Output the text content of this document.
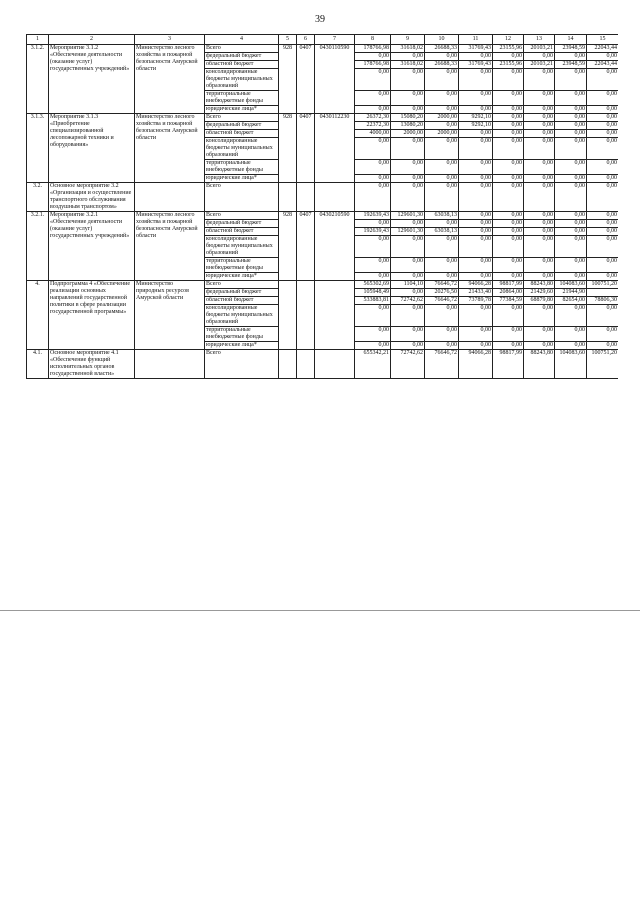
39
1	2	3	4	5	6	7	8	9	10	11	12	13	14	15
3.1.2.	Мероприятие 3.1.2 «Обеспечение деятельности (оказание услуг) государственных учреждений»	Министерство лесного хозяйства и пожарной безопасности Амурской области	Всего	928	0407	0430110590	178766,98	31618,02	26688,33	31769,43	23155,96	20103,21	23948,59	22043,44
			федеральный бюджет				0,00	0,00	0,00	0,00	0,00	0,00	0,00	0,00
			областной бюджет				178766,98	31618,02	26688,33	31769,43	23155,96	20103,21	23948,59	22043,44
			консолидированные бюджеты муниципальных образований				0,00	0,00	0,00	0,00	0,00	0,00	0,00	0,00
			территориальные внебюджетные фонды				0,00	0,00	0,00	0,00	0,00	0,00	0,00	0,00
			юридические лица*				0,00	0,00	0,00	0,00	0,00	0,00	0,00	0,00
3.1.3.	Мероприятие 3.1.3 «Приобретение специализированной лесопожарной техники и оборудования»	Министерство лесного хозяйства и пожарной безопасности Амурской области	Всего	928	0407	0430112230	26372,30	15080,20	2000,00	9292,10	0,00	0,00	0,00	0,00
			федеральный бюджет				22372,30	13080,20	0,00	9292,10	0,00	0,00	0,00	0,00
			областной бюджет				4000,00	2000,00	2000,00	0,00	0,00	0,00	0,00	0,00
			консолидированные бюджеты муниципальных образований				0,00	0,00	0,00	0,00	0,00	0,00	0,00	0,00
			территориальные внебюджетные фонды				0,00	0,00	0,00	0,00	0,00	0,00	0,00	0,00
			юридические лица*				0,00	0,00	0,00	0,00	0,00	0,00	0,00	0,00
3.2.	Основное мероприятие 3.2 «Организация и осуществление транспортного обслуживания воздушным транспортом»		Всего				0,00	0,00	0,00	0,00	0,00	0,00	0,00	0,00
3.2.1.	Мероприятие 3.2.1 «Обеспечение деятельности (оказание услуг) государственных учреждений»	Министерство лесного хозяйства и пожарной безопасности Амурской области	Всего	928	0407	0430210590	192639,43	129601,30	63038,13	0,00	0,00	0,00	0,00	0,00
			федеральный бюджет				0,00	0,00	0,00	0,00	0,00	0,00	0,00	0,00
			областной бюджет				192639,43	129601,30	63038,13	0,00	0,00	0,00	0,00	0,00
			консолидированные бюджеты муниципальных образований				0,00	0,00	0,00	0,00	0,00	0,00	0,00	0,00
			территориальные внебюджетные фонды				0,00	0,00	0,00	0,00	0,00	0,00	0,00	0,00
			юридические лица*				0,00	0,00	0,00	0,00	0,00	0,00	0,00	0,00
4.	Подпрограмма 4 «Обеспечение реализации основных направлений государственной политики в сфере реализации государственной программы»	Министерство природных ресурсов Амурской области	Всего				565302,69	1104,10	76646,72	94066,28	98817,99	88243,80	104083,60	100751,20
			федеральный бюджет				105948,49	0,00	20276,50	21433,40	20864,00	21429,60	21944,90	
			областной бюджет				533883,81	72742,62	76646,72	73789,78	77384,59	68879,80	82654,00	78806,30
			консолидированные бюджеты муниципальных образований				0,00	0,00	0,00	0,00	0,00	0,00	0,00	0,00
			территориальные внебюджетные фонды				0,00	0,00	0,00	0,00	0,00	0,00	0,00	0,00
			юридические лица*				0,00	0,00	0,00	0,00	0,00	0,00	0,00	0,00
4.1.	Основное мероприятие 4.1 «Обеспечение функций исполнительных органов государственной власти»		Всего				655342,21	72742,62	76646,72	94066,28	98817,99	88243,80	104083,60	100751,20
